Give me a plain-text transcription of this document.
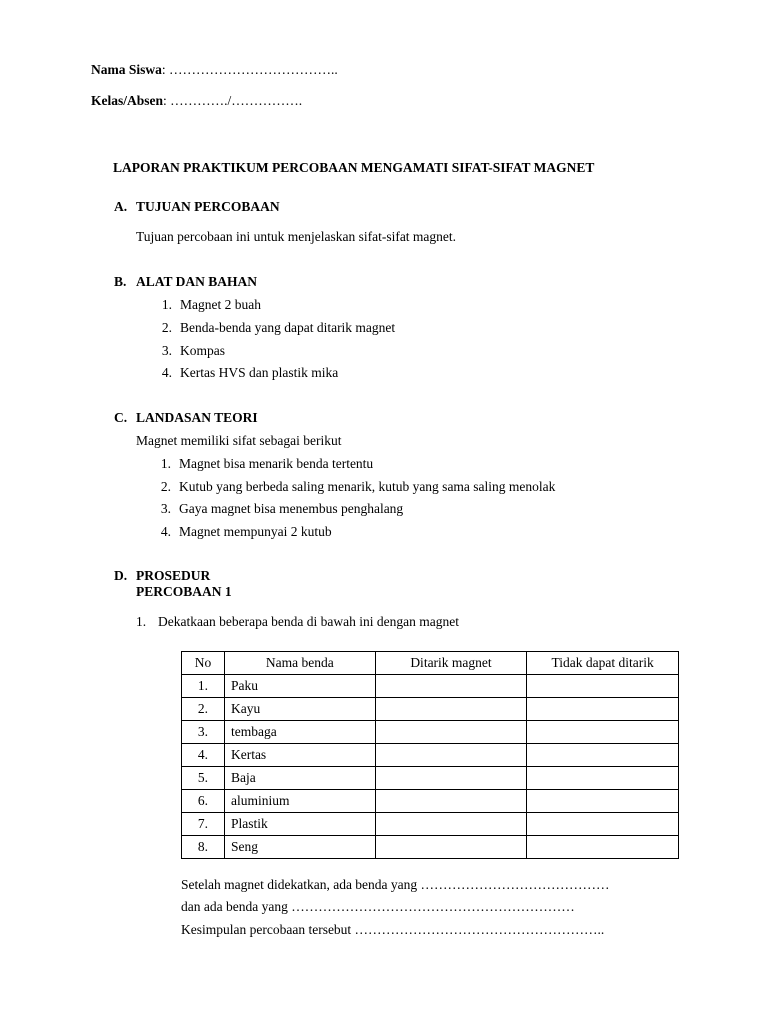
Nama Siswa: ………………………………..
Kelas/Absen: …………./…………….
LAPORAN PRAKTIKUM PERCOBAAN MENGAMATI SIFAT-SIFAT MAGNET
A. TUJUAN PERCOBAAN
Tujuan percobaan ini untuk menjelaskan sifat-sifat magnet.
B. ALAT DAN BAHAN
1. Magnet 2 buah
2. Benda-benda yang dapat ditarik magnet
3. Kompas
4. Kertas HVS dan plastik mika
C. LANDASAN TEORI
Magnet memiliki sifat sebagai berikut
1. Magnet bisa menarik benda tertentu
2. Kutub yang berbeda saling menarik, kutub yang sama saling menolak
3. Gaya magnet bisa menembus penghalang
4. Magnet mempunyai 2 kutub
D. PROSEDUR
PERCOBAAN 1
1. Dekatkaan beberapa benda di bawah ini dengan magnet
No	Nama benda	Ditarik magnet	Tidak dapat ditarik
1.	Paku		
2.	Kayu		
3.	tembaga		
4.	Kertas		
5.	Baja		
6.	aluminium		
7.	Plastik		
8.	Seng		
Setelah magnet didekatkan, ada benda yang ……………………………………
dan ada benda yang ………………………………………………………
Kesimpulan percobaan tersebut ………………………………………………..
